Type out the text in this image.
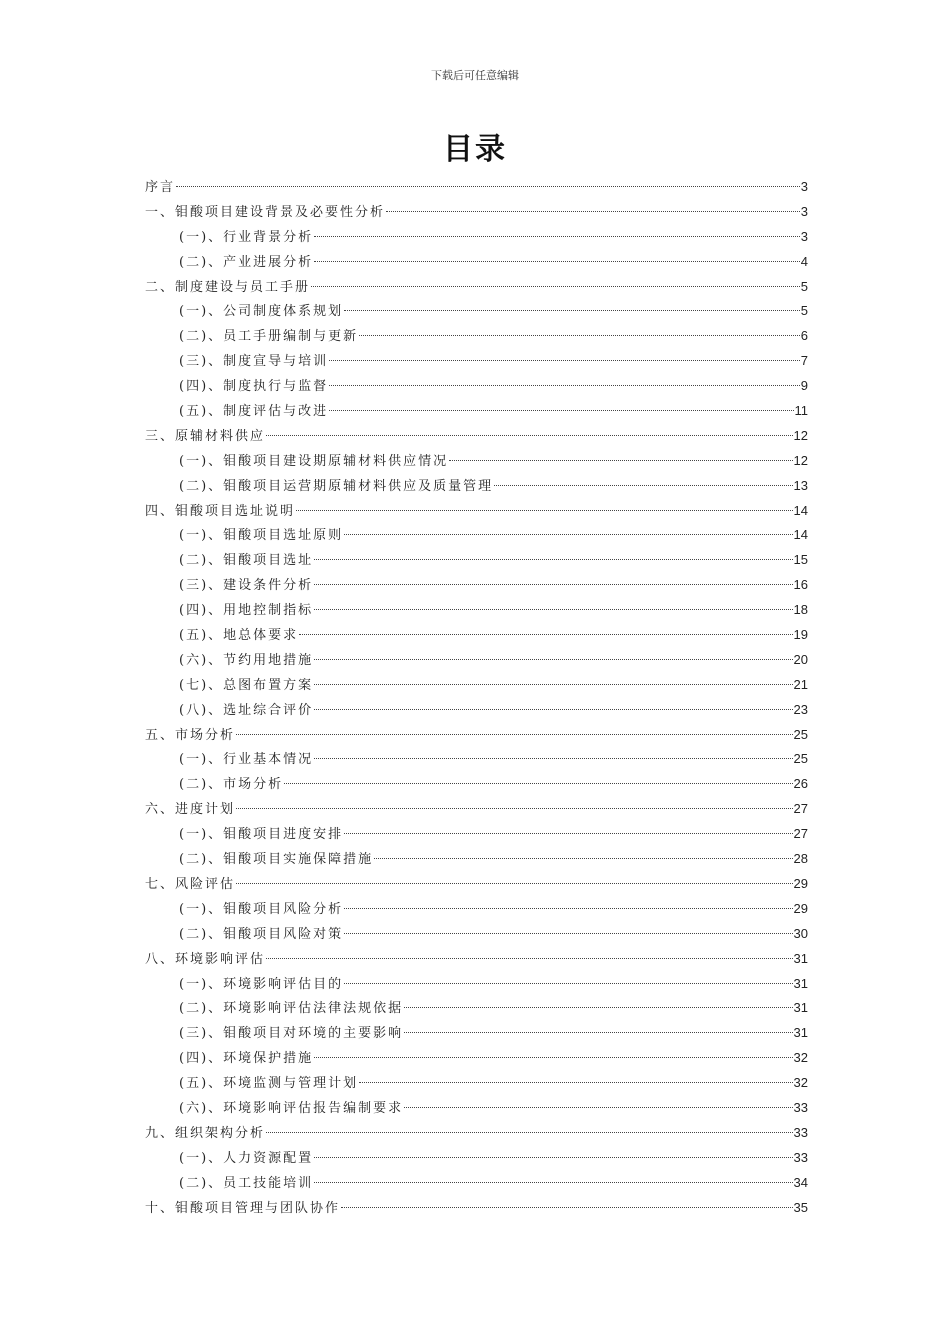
下载后可任意编辑
目录
序言	3
一、钼酸项目建设背景及必要性分析	3
(一)、行业背景分析	3
(二)、产业进展分析	4
二、制度建设与员工手册	5
(一)、公司制度体系规划	5
(二)、员工手册编制与更新	6
(三)、制度宣导与培训	7
(四)、制度执行与监督	9
(五)、制度评估与改进	11
三、原辅材料供应	12
(一)、钼酸项目建设期原辅材料供应情况	12
(二)、钼酸项目运营期原辅材料供应及质量管理	13
四、钼酸项目选址说明	14
(一)、钼酸项目选址原则	14
(二)、钼酸项目选址	15
(三)、建设条件分析	16
(四)、用地控制指标	18
(五)、地总体要求	19
(六)、节约用地措施	20
(七)、总图布置方案	21
(八)、选址综合评价	23
五、市场分析	25
(一)、行业基本情况	25
(二)、市场分析	26
六、进度计划	27
(一)、钼酸项目进度安排	27
(二)、钼酸项目实施保障措施	28
七、风险评估	29
(一)、钼酸项目风险分析	29
(二)、钼酸项目风险对策	30
八、环境影响评估	31
(一)、环境影响评估目的	31
(二)、环境影响评估法律法规依据	31
(三)、钼酸项目对环境的主要影响	31
(四)、环境保护措施	32
(五)、环境监测与管理计划	32
(六)、环境影响评估报告编制要求	33
九、组织架构分析	33
(一)、人力资源配置	33
(二)、员工技能培训	34
十、钼酸项目管理与团队协作	35
